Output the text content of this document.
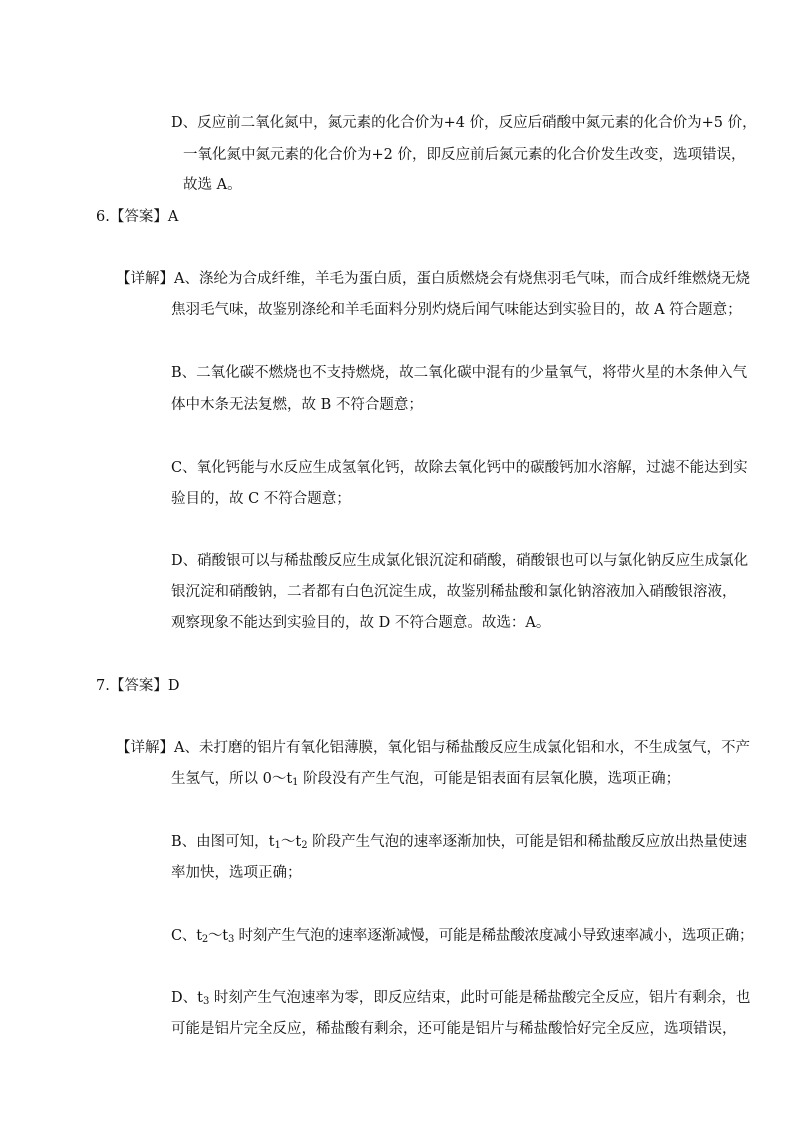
D、反应前二氧化氮中，氮元素的化合价为+4 价，反应后硝酸中氮元素的化合价为+5 价，
一氧化氮中氮元素的化合价为+2 价，即反应前后氮元素的化合价发生改变，选项错误，
故选 A。
6.【答案】A
【详解】A、涤纶为合成纤维，羊毛为蛋白质，蛋白质燃烧会有烧焦羽毛气味，而合成纤维燃烧无烧
焦羽毛气味，故鉴别涤纶和羊毛面料分别灼烧后闻气味能达到实验目的，故 A 符合题意；
B、二氧化碳不燃烧也不支持燃烧，故二氧化碳中混有的少量氧气，将带火星的木条伸入气
体中木条无法复燃，故 B 不符合题意；
C、氧化钙能与水反应生成氢氧化钙，故除去氧化钙中的碳酸钙加水溶解，过滤不能达到实
验目的，故 C 不符合题意；
D、硝酸银可以与稀盐酸反应生成氯化银沉淀和硝酸，硝酸银也可以与氯化钠反应生成氯化
银沉淀和硝酸钠，二者都有白色沉淀生成，故鉴别稀盐酸和氯化钠溶液加入硝酸银溶液，
观察现象不能达到实验目的，故 D 不符合题意。故选：A。
7.【答案】D
【详解】A、未打磨的铝片有氧化铝薄膜，氧化铝与稀盐酸反应生成氯化铝和水，不生成氢气，不产
生氢气，所以 $0\sim t_1$ 阶段没有产生气泡，可能是铝表面有层氧化膜，选项正确；
B、由图可知，$t_1\sim t_2$ 阶段产生气泡的速率逐渐加快，可能是铝和稀盐酸反应放出热量使速
率加快，选项正确；
C、$t_2\sim t_3$ 时刻产生气泡的速率逐渐减慢，可能是稀盐酸浓度减小导致速率减小，选项正确；
D、$t_3$ 时刻产生气泡速率为零，即反应结束，此时可能是稀盐酸完全反应，铝片有剩余，也
可能是铝片完全反应，稀盐酸有剩余，还可能是铝片与稀盐酸恰好完全反应，选项错误，
